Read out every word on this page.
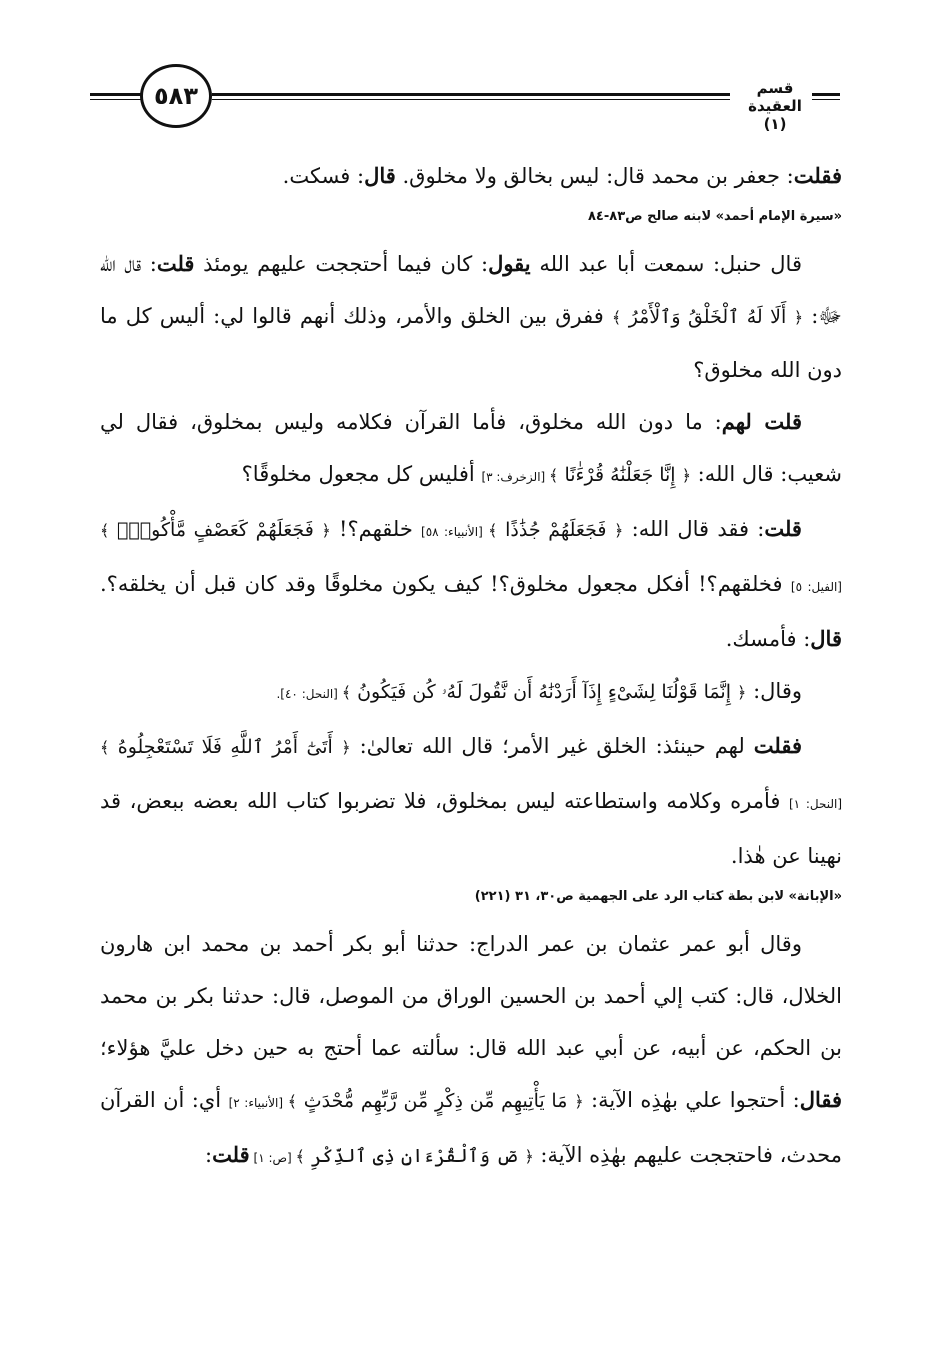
٥٨٣	قسم العقيدة (١)

فقلت: جعفر بن محمد قال: ليس بخالق ولا مخلوق. قال: فسكت.

«سيرة الإمام أحمد» لابنه صالح ص٨٣-٨٤

قال حنبل: سمعت أبا عبد الله يقول: كان فيما أحتججت عليهم يومئذ قلت: قال الله ﷻ: ﴿ أَلَا لَهُ ٱلْخَلْقُ وَٱلْأَمْرُ ﴾ ففرق بين الخلق والأمر، وذلك أنهم قالوا لي: أليس كل ما دون الله مخلوق؟

قلت لهم: ما دون الله مخلوق، فأما القرآن فكلامه وليس بمخلوق، فقال لي شعيب: قال الله: ﴿ إِنَّا جَعَلْنَٰهُ قُرْءَٰنًا ﴾ [الزخرف: ٣] أفليس كل مجعول مخلوقًا؟

قلت: فقد قال الله: ﴿ فَجَعَلَهُمْ جُذَٰذًا ﴾ [الأنبياء: ٥٨] خلقهم؟! ﴿ فَجَعَلَهُمْ كَعَصْفٍ مَّأْكُولٍۭ ﴾ [الفيل: ٥] فخلقهم؟! أفكل مجعول مخلوق؟! كيف يكون مخلوقًا وقد كان قبل أن يخلقه؟. قال: فأمسك.

وقال: ﴿ إِنَّمَا قَوْلُنَا لِشَىْءٍ إِذَآ أَرَدْنَٰهُ أَن نَّقُولَ لَهُۥ كُن فَيَكُونُ ﴾ [النحل: ٤٠].

فقلت لهم حينئذ: الخلق غير الأمر؛ قال الله تعالىٰ: ﴿ أَتَىٰٓ أَمْرُ ٱللَّهِ فَلَا تَسْتَعْجِلُوهُ ﴾ [النحل: ١] فأمره وكلامه واستطاعته ليس بمخلوق، فلا تضربوا كتاب الله بعضه ببعض، قد نهينا عن هٰذا.

«الإبانة» لابن بطة كتاب الرد على الجهمية ص٣٠، ٣١ (٢٢١)

وقال أبو عمر عثمان بن عمر الدراج: حدثنا أبو بكر أحمد بن محمد ابن هارون الخلال، قال: كتب إلي أحمد بن الحسين الوراق من الموصل، قال: حدثنا بكر بن محمد بن الحكم، عن أبيه، عن أبي عبد الله قال: سألته عما أحتج به حين دخل عليَّ هؤلاء؛ فقال: أحتجوا علي بهٰذِه الآية: ﴿ مَا يَأْتِيهِم مِّن ذِكْرٍ مِّن رَّبِّهِم مُّحْدَثٍ ﴾ [الأنبياء: ٢] أي: أن القرآن محدث، فاحتججت عليهم بهٰذِه الآية: ﴿ صٓ وَٱلْقُرْءَانِ ذِى ٱلذِّكْرِ ﴾ [ص: ١] قلت:
